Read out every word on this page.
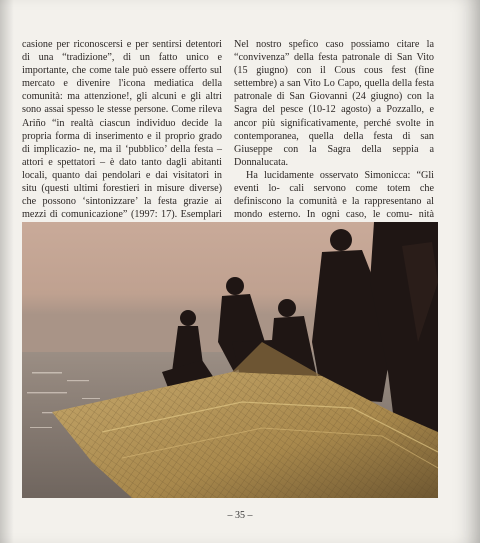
casione per riconoscersi e per sentirsi detentori di una “tradizione”, di un fatto unico e importante, che come tale può essere offerto sul mercato e divenire l'icona mediatica della comunità: ma attenzione!, gli alcuni e gli altri sono assai spesso le stesse persone. Come rileva Ariño “in realtà ciascun individuo decide la propria forma di inserimento e il proprio grado di implicazio- ne, ma il ‘pubblico’ della festa – attori e spettatori – è dato tanto dagli abitanti locali, quanto dai pendolari e dai visitatori in situ (questi ultimi forestieri in misure diverse) che possono ‘sintonizzare’ la festa grazie ai mezzi di comunicazione” (1997: 17). Esemplari

Nel nostro spefico caso possiamo citare la “convivenza” della festa patronale di San Vito (15 giugno) con il Cous cous fest (fine settembre) a san Vito Lo Capo, quella della festa patronale di San Giovanni (24 giugno) con la Sagra del pesce (10-12 agosto) a Pozzallo, e ancor più significativamente, perché svolte in contemporanea, quella della festa di san Giuseppe con la Sagra della seppia a Donnalucata.

Ha lucidamente osservato Simonicca: “Gli eventi lo- cali servono come totem che definiscono la comunità e la rappresentano al mondo esterno. In ogni caso, le comu- nità

– 35 –
